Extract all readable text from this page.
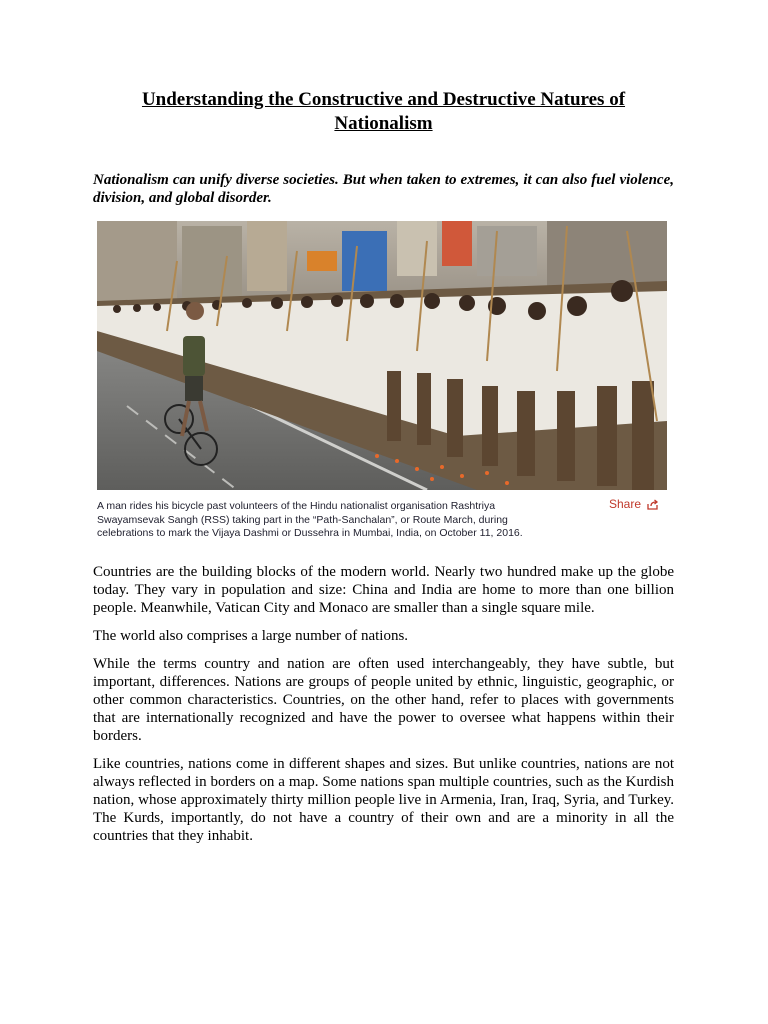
Understanding the Constructive and Destructive Natures of Nationalism
Nationalism can unify diverse societies. But when taken to extremes, it can also fuel violence, division, and global disorder.
A man rides his bicycle past volunteers of the Hindu nationalist organisation Rashtriya Swayamsevak Sangh (RSS) taking part in the “Path-Sanchalan”, or Route March, during celebrations to mark the Vijaya Dashmi or Dussehra in Mumbai, India, on October 11, 2016.
Share

Countries are the building blocks of the modern world. Nearly two hundred make up the globe today. They vary in population and size: China and India are home to more than one billion people. Meanwhile, Vatican City and Monaco are smaller than a single square mile.

The world also comprises a large number of nations.

While the terms country and nation are often used interchangeably, they have subtle, but important, differences. Nations are groups of people united by ethnic, linguistic, geographic, or other common characteristics. Countries, on the other hand, refer to places with governments that are internationally recognized and have the power to oversee what happens within their borders.

Like countries, nations come in different shapes and sizes. But unlike countries, nations are not always reflected in borders on a map. Some nations span multiple countries, such as the Kurdish nation, whose approximately thirty million people live in Armenia, Iran, Iraq, Syria, and Turkey. The Kurds, importantly, do not have a country of their own and are a minority in all the countries that they inhabit.
